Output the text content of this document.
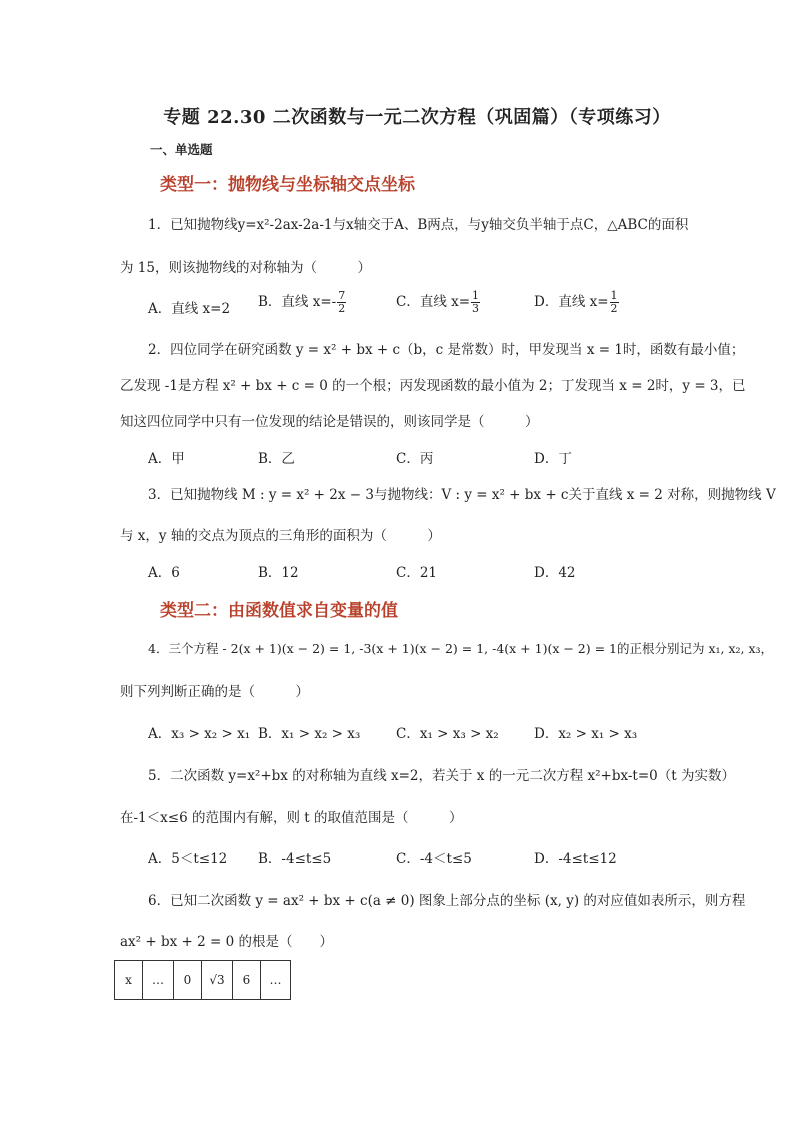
专题 22.30 二次函数与一元二次方程（巩固篇）（专项练习）
一、单选题
类型一：抛物线与坐标轴交点坐标
1．已知抛物线y=x²-2ax-2a-1与x轴交于A、B两点，与y轴交负半轴于点C，△ABC的面积
为 15，则该抛物线的对称轴为（　　　）
A．直线 x=2 B．直线 $x=- \frac{7}{2}$	C．直线 $x= \frac{1}{3}$	D．直线 $x= \frac{1}{2}$
2．四位同学在研究函数 y = x² + bx + c（b，c 是常数）时，甲发现当 x = 1时，函数有最小值；
乙发现 -1是方程 x² + bx + c = 0 的一个根；丙发现函数的最小值为 2；丁发现当 x = 2时，y = 3，已
知这四位同学中只有一位发现的结论是错误的，则该同学是（　　　）
A．甲	B．乙	C．丙	D．丁
3．已知抛物线 M : y = x² + 2x − 3与抛物线：V : y = x² + bx + c关于直线 x = 2 对称，则抛物线 V
与 x，y 轴的交点为顶点的三角形的面积为（　　　）
A．6	B．12	C．21	D．42
类型二：由函数值求自变量的值
4．三个方程 - 2(x + 1)(x − 2) = 1, -3(x + 1)(x − 2) = 1, -4(x + 1)(x − 2) = 1的正根分别记为 x₁, x₂, x₃，
则下列判断正确的是（　　　）
A．x₃ > x₂ > x₁ B．x₁ > x₂ > x₃	C．x₁ > x₃ > x₂	D．x₂ > x₁ > x₃
5．二次函数 y=x²+bx 的对称轴为直线 x=2，若关于 x 的一元二次方程 x²+bx-t=0（t 为实数）
在-1＜x≤6 的范围内有解，则 t 的取值范围是（　　　）
A．5＜t≤12 B．-4≤t≤5	C．-4＜t≤5	D．-4≤t≤12
6．已知二次函数 y = ax² + bx + c(a ≠ 0) 图象上部分点的坐标 (x, y) 的对应值如表所示，则方程
ax² + bx + 2 = 0 的根是（　　）
x	…	0	√3	6	…
